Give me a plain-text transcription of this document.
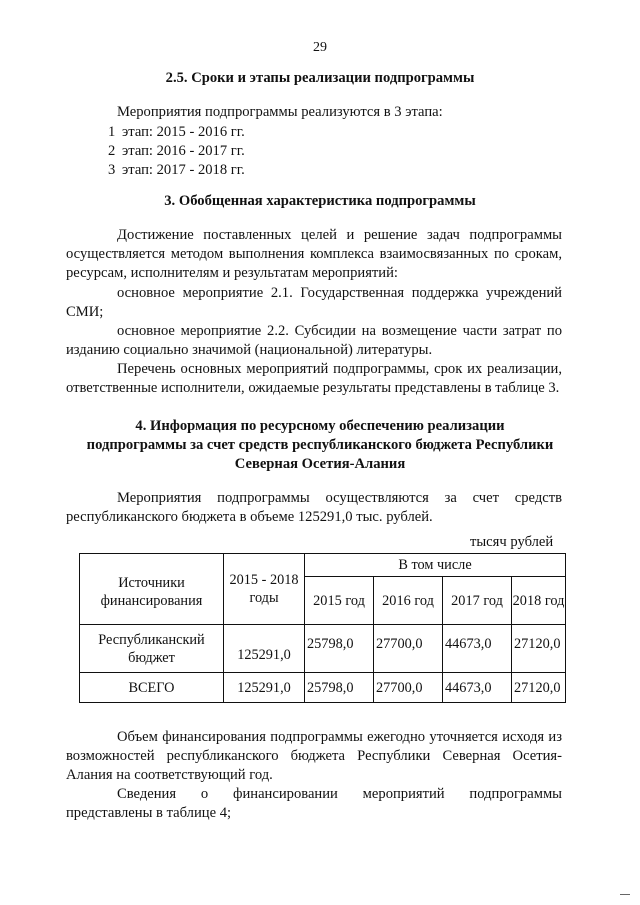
29
2.5. Сроки и этапы реализации подпрограммы
Мероприятия подпрограммы реализуются в 3 этапа:
1 этап: 2015 - 2016 гг.
2 этап: 2016 - 2017 гг.
3 этап: 2017 - 2018 гг.
3. Обобщенная характеристика подпрограммы
Достижение поставленных целей и решение задач подпрограммы осуществляется методом выполнения комплекса взаимосвязанных по срокам, ресурсам, исполнителям и результатам мероприятий:
основное мероприятие 2.1. Государственная поддержка учреждений СМИ;
основное мероприятие 2.2. Субсидии на возмещение части затрат по изданию социально значимой (национальной) литературы.
Перечень основных мероприятий подпрограммы, срок их реализации, ответственные исполнители, ожидаемые результаты представлены в таблице 3.
4. Информация по ресурсному обеспечению реализации
подпрограммы за счет средств республиканского бюджета Республики
Северная Осетия-Алания
Мероприятия подпрограммы осуществляются за счет средств республиканского бюджета в объеме 125291,0 тыс. рублей.
тысяч рублей
Источники финансирования	2015 - 2018 годы	В том числе			
		2015 год	2016 год	2017 год	2018 год
Республиканский бюджет	125291,0	25798,0	27700,0	44673,0	27120,0
ВСЕГО	125291,0	25798,0	27700,0	44673,0	27120,0
Объем финансирования подпрограммы ежегодно уточняется исходя из возможностей республиканского бюджета Республики Северная Осетия-Алания на соответствующий год.
Сведения о финансировании мероприятий подпрограммы представлены в таблице 4;
